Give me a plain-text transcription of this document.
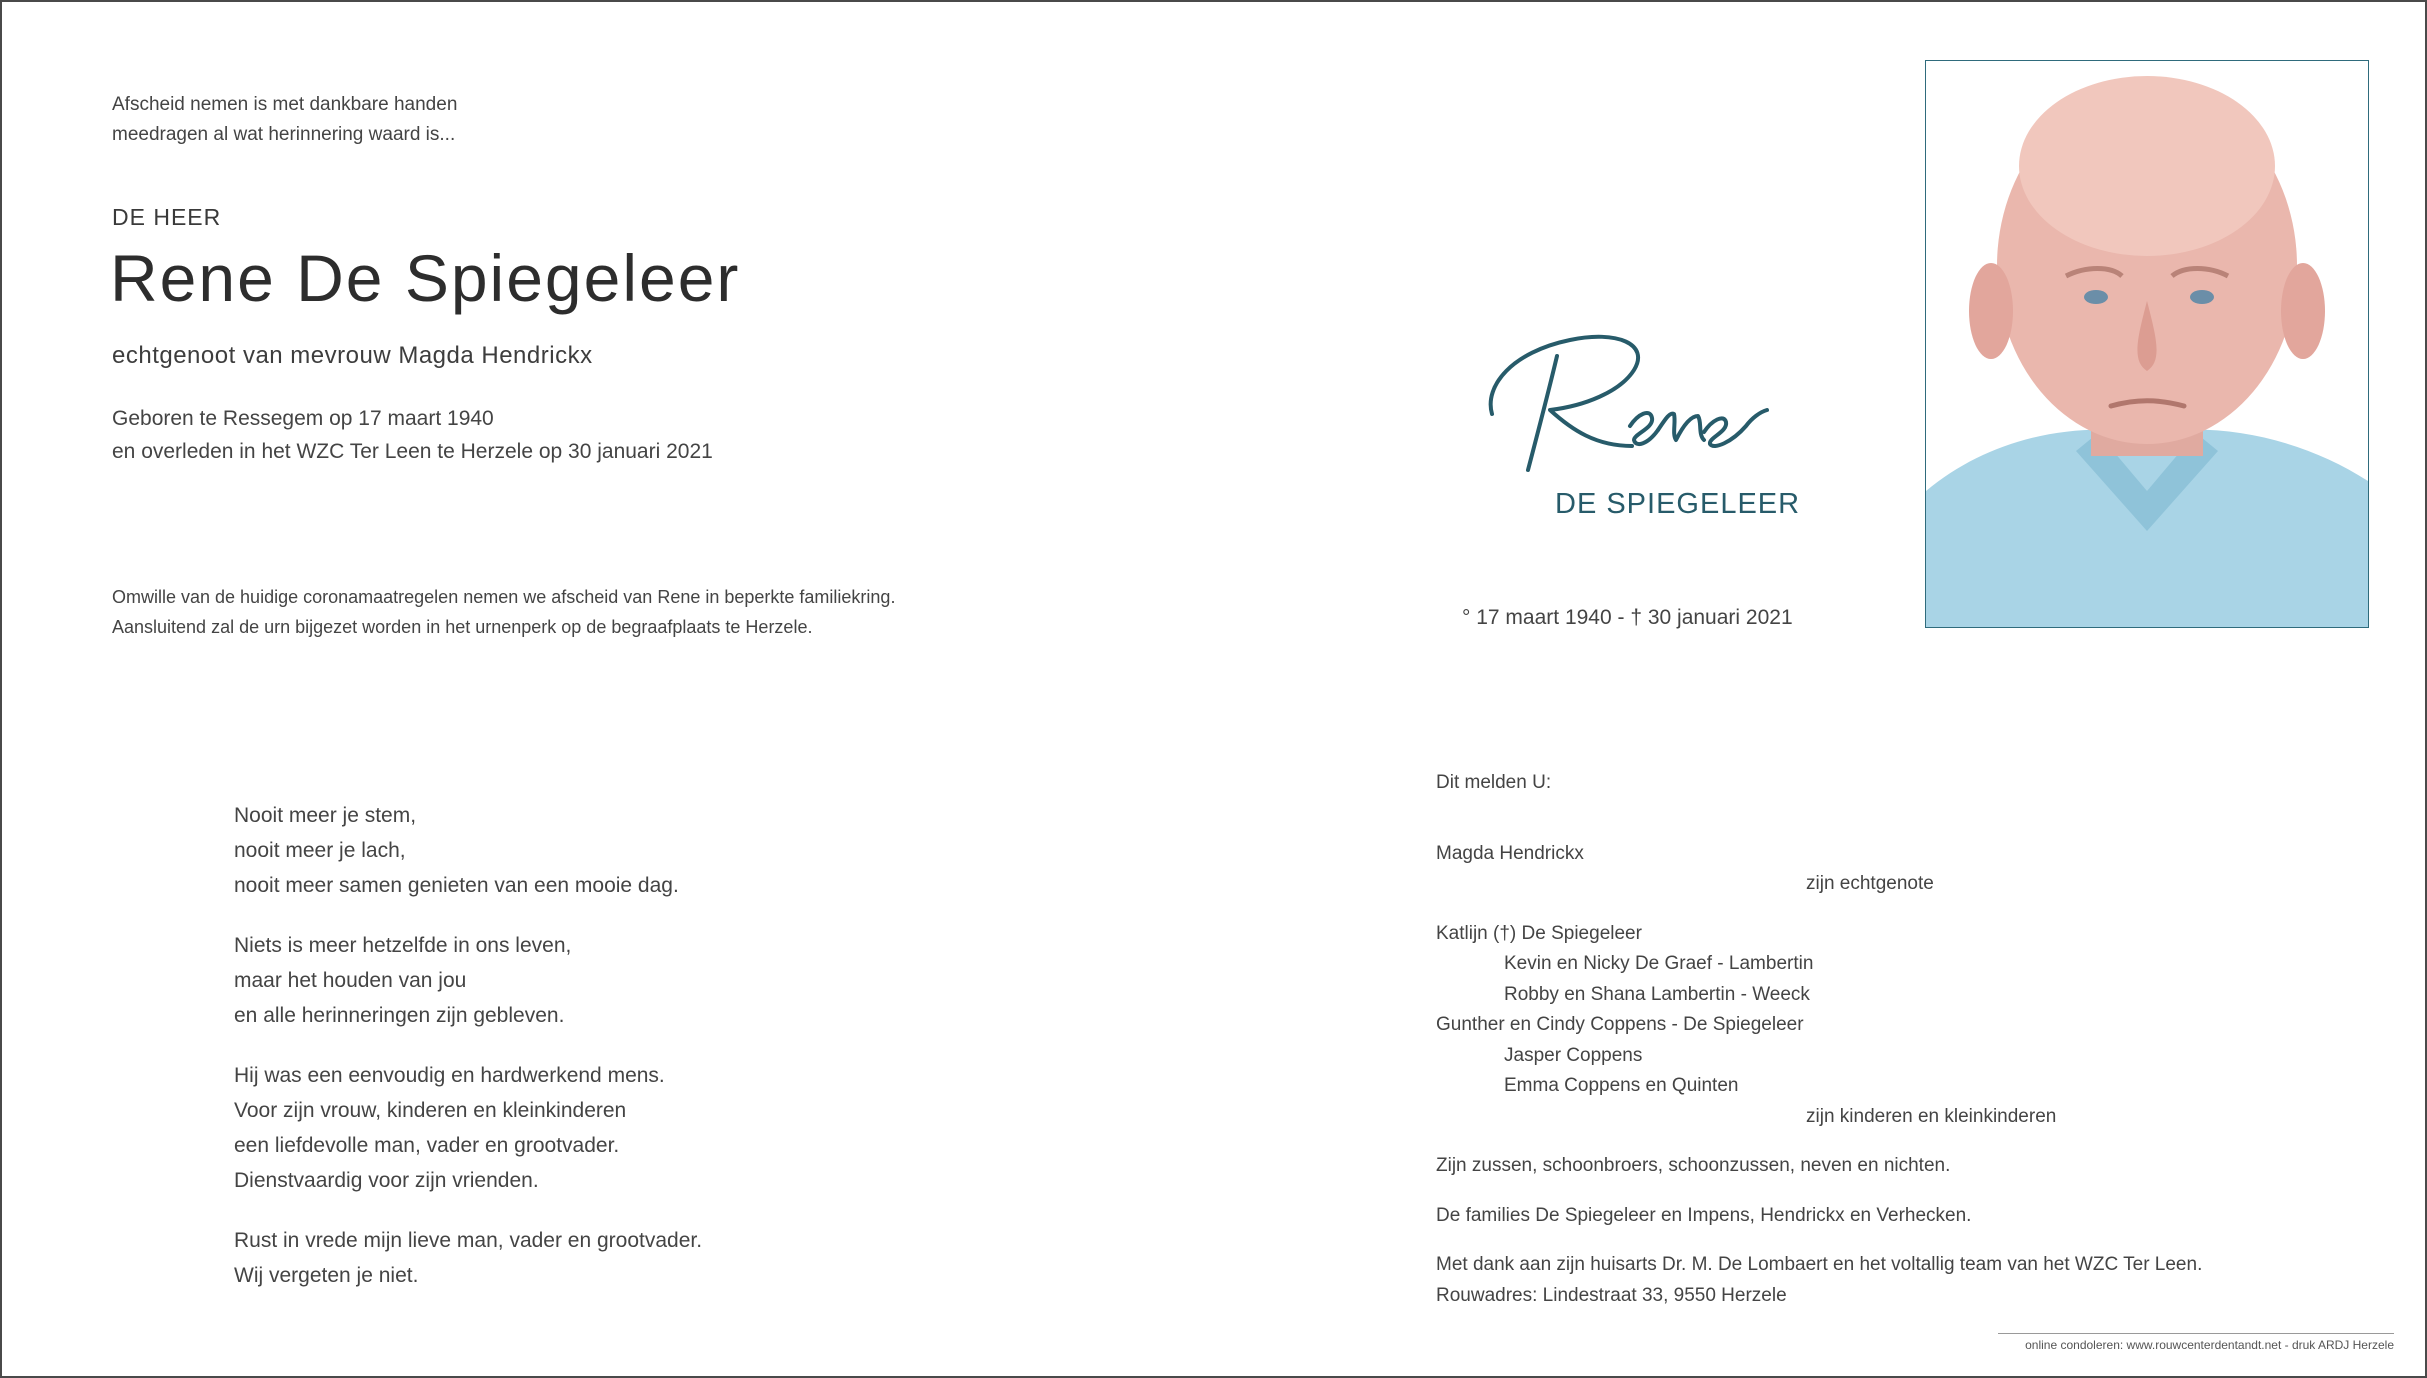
Afscheid nemen is met dankbare handen
meedragen al wat herinnering waard is...

DE HEER

Rene De Spiegeleer

echtgenoot van mevrouw Magda Hendrickx

Geboren te Ressegem op 17 maart 1940
en overleden in het WZC Ter Leen te Herzele op 30 januari 2021

Omwille van de huidige coronamaatregelen nemen we afscheid van Rene in beperkte familiekring.
Aansluitend zal de urn bijgezet worden in het urnenperk op de begraafplaats te Herzele.

Nooit meer je stem,
nooit meer je lach,
nooit meer samen genieten van een mooie dag.
Niets is meer hetzelfde in ons leven,
maar het houden van jou
en alle herinneringen zijn gebleven.
Hij was een eenvoudig en hardwerkend mens.
Voor zijn vrouw, kinderen en kleinkinderen
een liefdevolle man, vader en grootvader.
Dienstvaardig voor zijn vrienden.
Rust in vrede mijn lieve man, vader en grootvader.
Wij vergeten je niet.

DE SPIEGELEER

° 17 maart 1940 - † 30 januari 2021

Dit melden U:
Magda Hendrickx
zijn echtgenote
Katlijn (†) De Spiegeleer
Kevin en Nicky De Graef - Lambertin
Robby en Shana Lambertin - Weeck
Gunther en Cindy Coppens - De Spiegeleer
Jasper Coppens
Emma Coppens en Quinten
zijn kinderen en kleinkinderen
Zijn zussen, schoonbroers, schoonzussen, neven en nichten.
De families De Spiegeleer en Impens, Hendrickx en Verhecken.
Met dank aan zijn huisarts Dr. M. De Lombaert en het voltallig team van het WZC Ter Leen.
Rouwadres: Lindestraat 33, 9550 Herzele
online condoleren: www.rouwcenterdentandt.net - druk ARDJ Herzele
